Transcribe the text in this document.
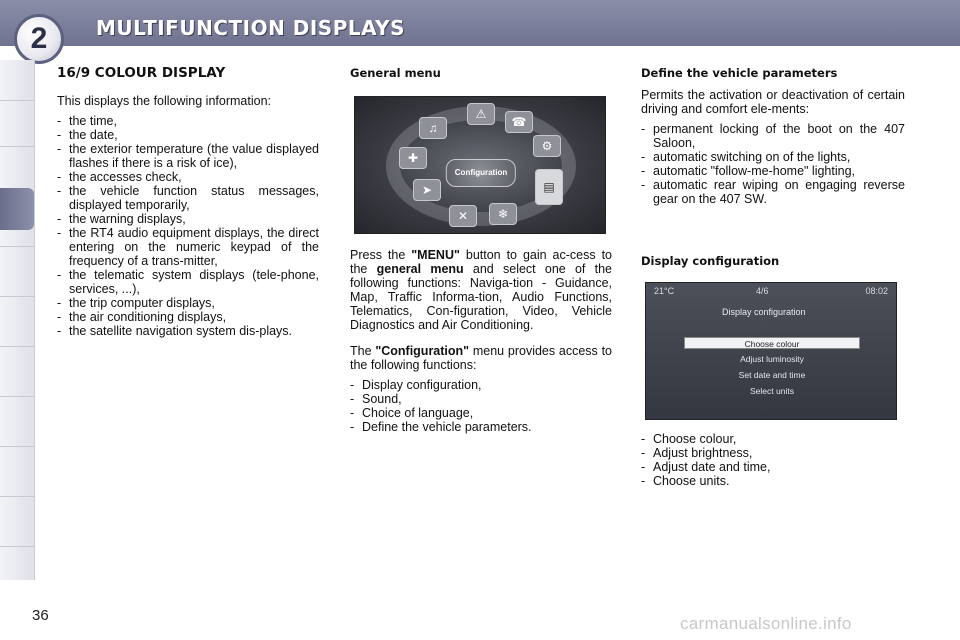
2	MULTIFUNCTION DISPLAYS
16/9 COLOUR DISPLAY

This displays the following information:

- the time,
- the date,
- the exterior temperature (the value displayed flashes if there is a risk of ice),
- the accesses check,
- the vehicle function status messages, displayed temporarily,
- the warning displays,
- the RT4 audio equipment displays, the direct entering on the numeric keypad of the frequency of a trans-mitter,
- the telematic system displays (tele-phone, services, ...),
- the trip computer displays,
- the air conditioning displays,
- the satellite navigation system dis-plays.
General menu
♫
⚠
☎
⚙
▤
❄
✕
➤
✚
Configuration

Press the "MENU" button to gain ac-cess to the general menu and select one of the following functions: Naviga-tion - Guidance, Map, Traffic Informa-tion, Audio Functions, Telematics, Con-figuration, Video, Vehicle Diagnostics and Air Conditioning.

The "Configuration" menu provides access to the following functions:

- Display configuration,
- Sound,
- Choice of language,
- Define the vehicle parameters.
Define the vehicle parameters

Permits the activation or deactivation of certain driving and comfort ele-ments:

- permanent locking of the boot on the 407 Saloon,
- automatic switching on of the lights,
- automatic "follow-me-home" lighting,
- automatic rear wiping on engaging reverse gear on the 407 SW.
Display configuration
21°C	4/6	08:02
Display configuration
Choose colour
Adjust luminosity
Set date and time
Select units
- Choose colour,
- Adjust brightness,
- Adjust date and time,
- Choose units.
36	carmanualsonline.info
